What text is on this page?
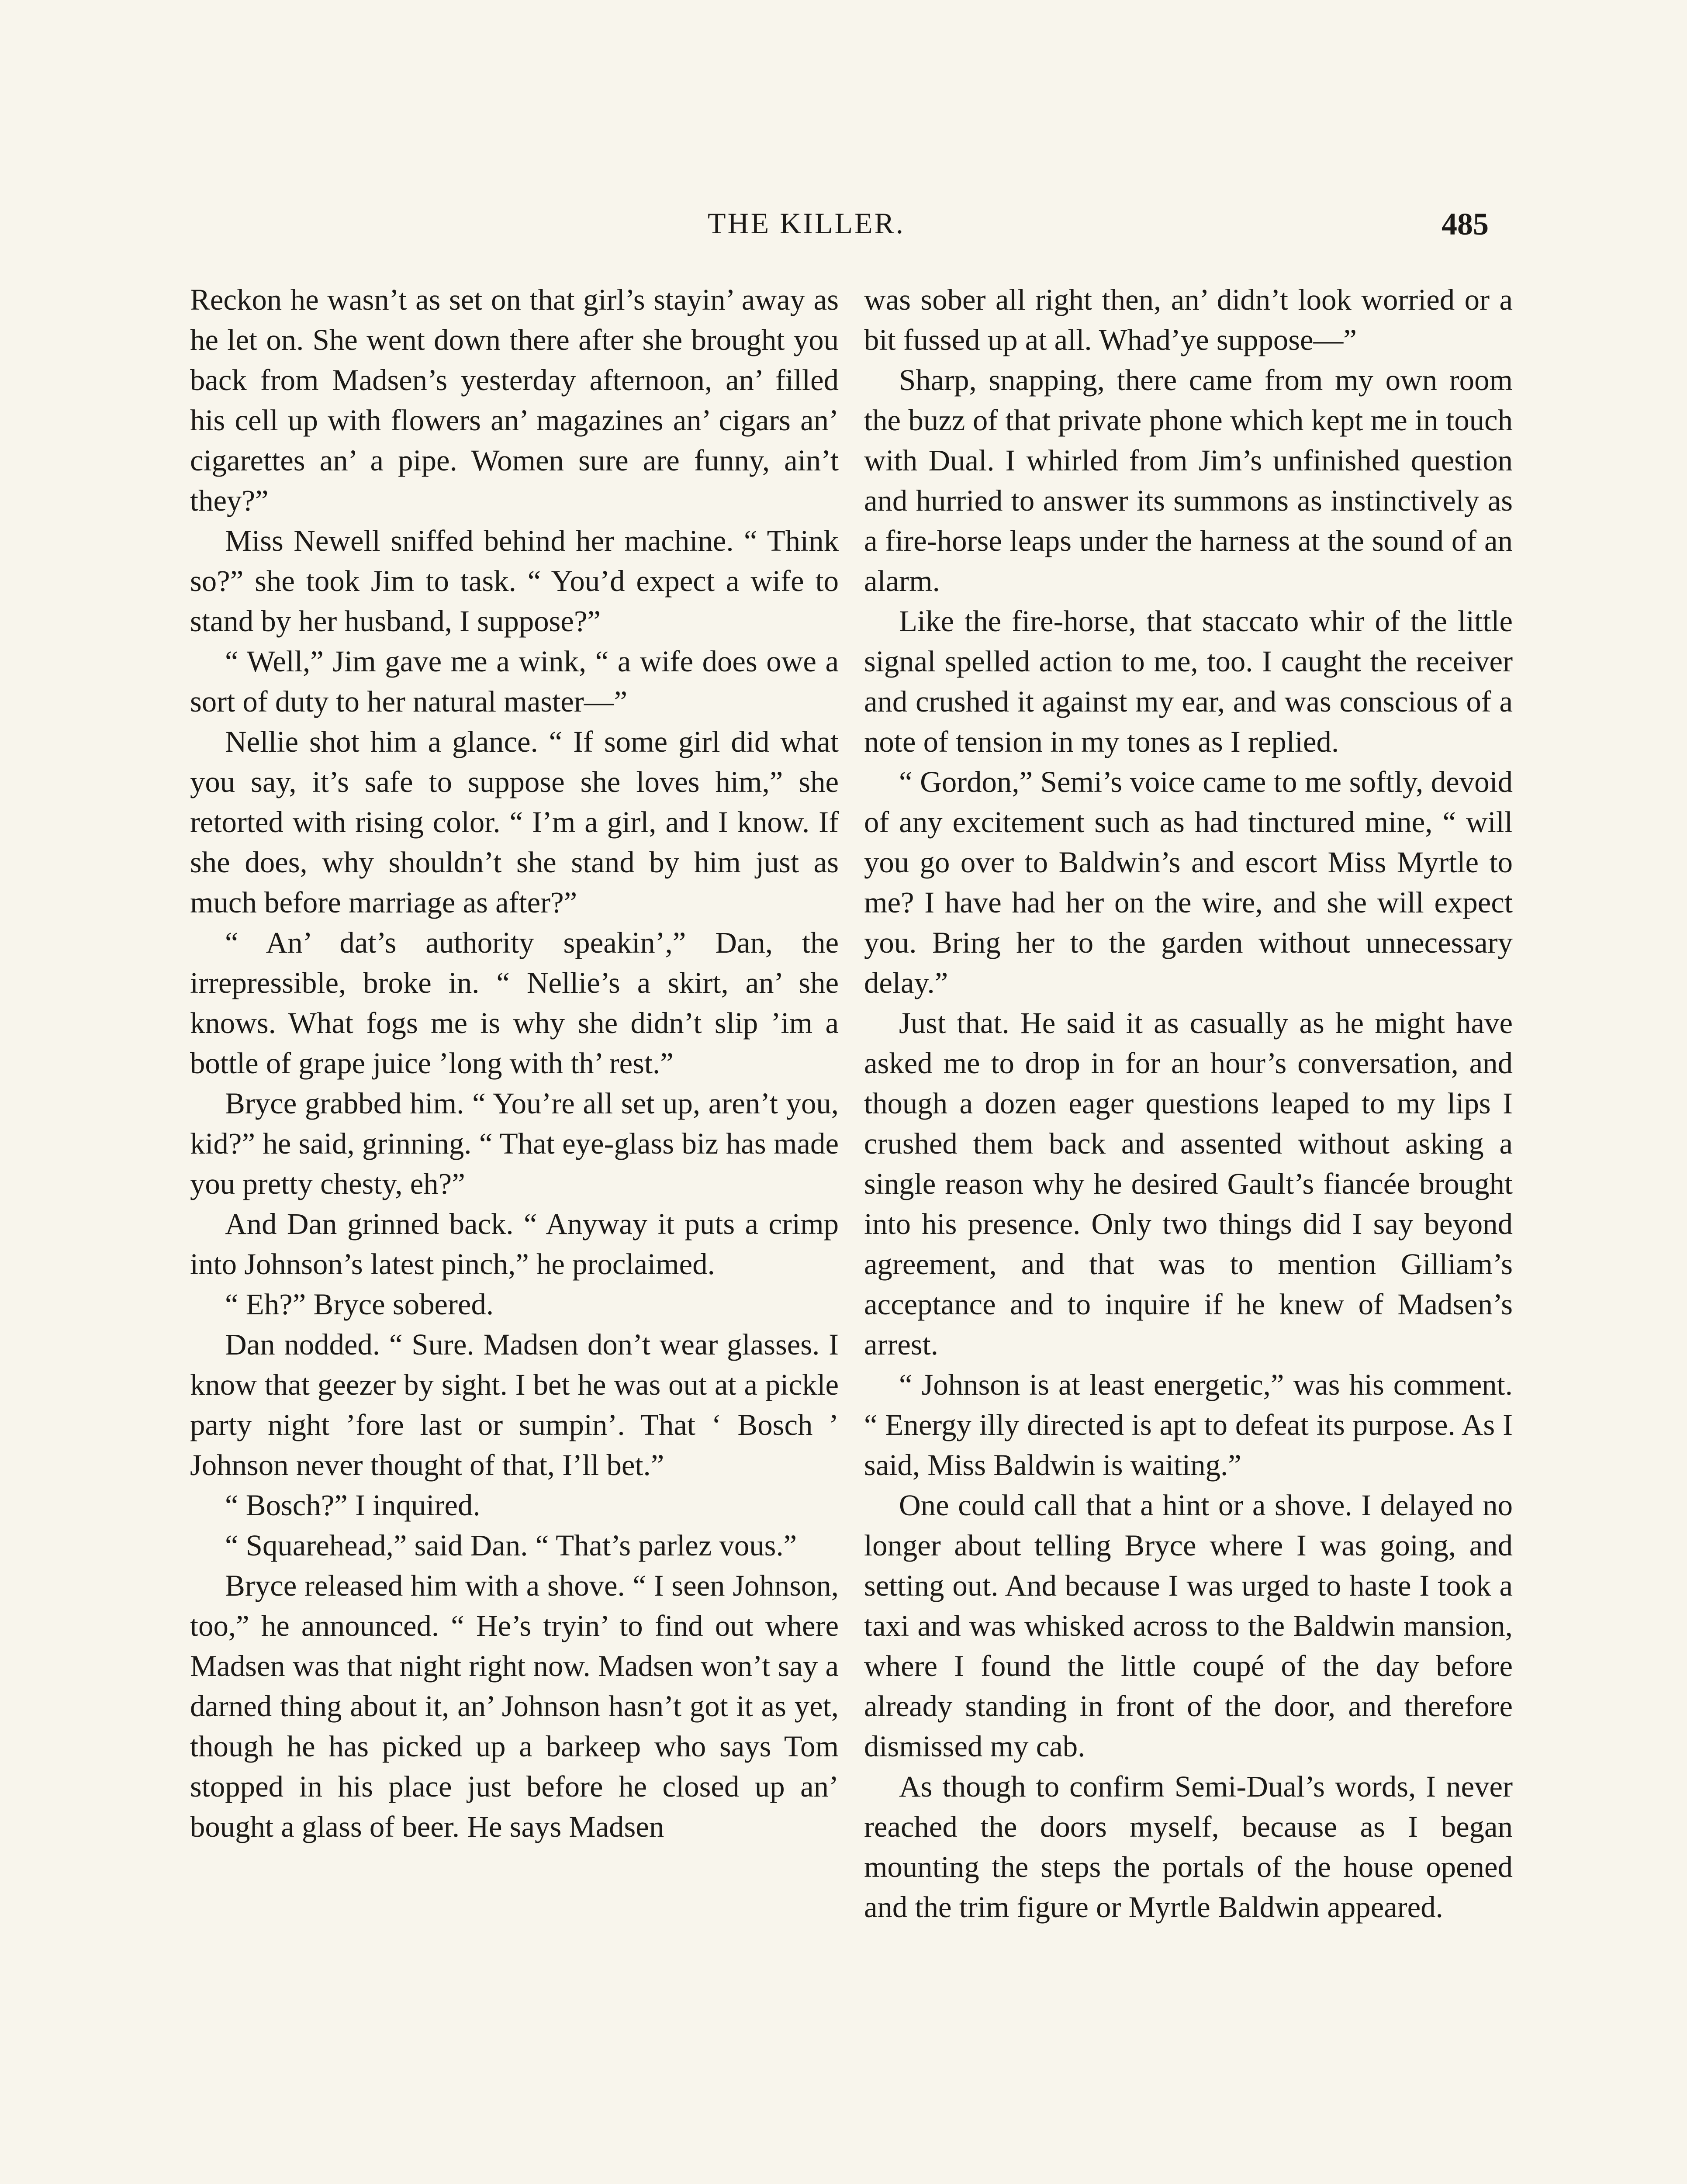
THE KILLER.	485

Reckon he wasn’t as set on that girl’s stayin’ away as he let on. She went down there after she brought you back from Madsen’s yesterday afternoon, an’ filled his cell up with flowers an’ magazines an’ cigars an’ cigarettes an’ a pipe. Women sure are funny, ain’t they?”

Miss Newell sniffed behind her machine. “ Think so?” she took Jim to task. “ You’d expect a wife to stand by her husband, I suppose?”

“ Well,” Jim gave me a wink, “ a wife does owe a sort of duty to her natural master—”

Nellie shot him a glance. “ If some girl did what you say, it’s safe to suppose she loves him,” she retorted with rising color. “ I’m a girl, and I know. If she does, why shouldn’t she stand by him just as much before marriage as after?”

“ An’ dat’s authority speakin’,” Dan, the irrepressible, broke in. “ Nellie’s a skirt, an’ she knows. What fogs me is why she didn’t slip ’im a bottle of grape juice ’long with th’ rest.”

Bryce grabbed him. “ You’re all set up, aren’t you, kid?” he said, grinning. “ That eye-glass biz has made you pretty chesty, eh?”

And Dan grinned back. “ Anyway it puts a crimp into Johnson’s latest pinch,” he proclaimed.

“ Eh?” Bryce sobered.

Dan nodded. “ Sure. Madsen don’t wear glasses. I know that geezer by sight. I bet he was out at a pickle party night ’fore last or sumpin’. That ‘ Bosch ’ Johnson never thought of that, I’ll bet.”

“ Bosch?” I inquired.

“ Squarehead,” said Dan. “ That’s parlez vous.”

Bryce released him with a shove. “ I seen Johnson, too,” he announced. “ He’s tryin’ to find out where Madsen was that night right now. Madsen won’t say a darned thing about it, an’ Johnson hasn’t got it as yet, though he has picked up a barkeep who says Tom stopped in his place just before he closed up an’ bought a glass of beer. He says Madsen

was sober all right then, an’ didn’t look worried or a bit fussed up at all. Whad’ye suppose—”

Sharp, snapping, there came from my own room the buzz of that private phone which kept me in touch with Dual. I whirled from Jim’s unfinished question and hurried to answer its summons as instinctively as a fire-horse leaps under the harness at the sound of an alarm.

Like the fire-horse, that staccato whir of the little signal spelled action to me, too. I caught the receiver and crushed it against my ear, and was conscious of a note of tension in my tones as I replied.

“ Gordon,” Semi’s voice came to me softly, devoid of any excitement such as had tinctured mine, “ will you go over to Baldwin’s and escort Miss Myrtle to me? I have had her on the wire, and she will expect you. Bring her to the garden without unnecessary delay.”

Just that. He said it as casually as he might have asked me to drop in for an hour’s conversation, and though a dozen eager questions leaped to my lips I crushed them back and assented without asking a single reason why he desired Gault’s fiancée brought into his presence. Only two things did I say beyond agreement, and that was to mention Gilliam’s acceptance and to inquire if he knew of Madsen’s arrest.

“ Johnson is at least energetic,” was his comment. “ Energy illy directed is apt to defeat its purpose. As I said, Miss Baldwin is waiting.”

One could call that a hint or a shove. I delayed no longer about telling Bryce where I was going, and setting out. And because I was urged to haste I took a taxi and was whisked across to the Baldwin mansion, where I found the little coupé of the day before already standing in front of the door, and therefore dismissed my cab.

As though to confirm Semi-Dual’s words, I never reached the doors myself, because as I began mounting the steps the portals of the house opened and the trim figure or Myrtle Baldwin appeared.
